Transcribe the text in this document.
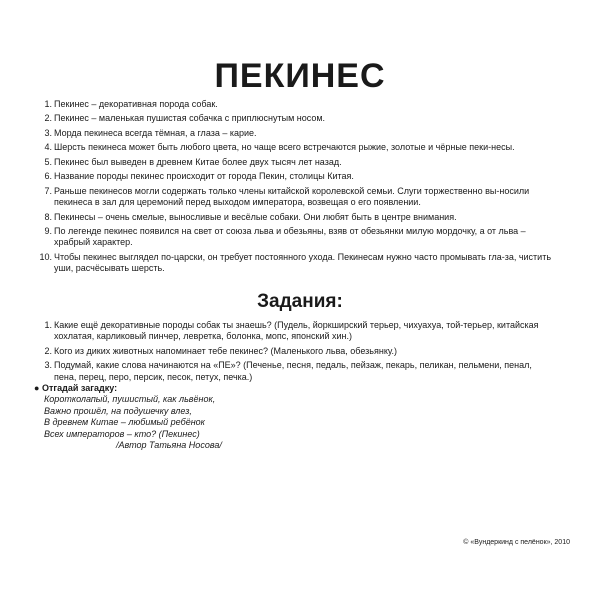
ПЕКИНЕС
1 . Пекинес – декоративная порода собак.
2 . Пекинес – маленькая пушистая собачка с приплюснутым носом.
3 . Морда пекинеса всегда тёмная, а глаза – карие.
4 . Шерсть пекинеса может быть любого цвета, но чаще всего встречаются рыжие, золотые и чёрные пеки-несы.
5 . Пекинес был выведен в древнем Китае более двух тысяч лет назад.
6 . Название породы пекинес происходит от города Пекин, столицы Китая.
7 . Раньше пекинесов могли содержать только члены китайской королевской семьи. Слуги торжественно вы-носили пекинеса в зал для церемоний перед выходом императора, возвещая о его появлении.
8 . Пекинесы – очень смелые, выносливые и весёлые собаки. Они любят быть в центре внимания.
9 . По легенде пекинес появился на свет от союза льва и обезьяны, взяв от обезьянки милую мордочку, а от льва – храбрый характер.
10 . Чтобы пекинес выглядел по-царски, он требует постоянного ухода. Пекинесам нужно часто промывать гла-за, чистить уши, расчёсывать шерсть.
Задания:
1 . Какие ещё декоративные породы собак ты знаешь? (Пудель, йоркширский терьер, чихуахуа, той-терьер, китайская хохлатая, карликовый пинчер, левретка, болонка, мопс, японский хин.)
2 . Кого из диких животных напоминает тебе пекинес? (Маленького льва, обезьянку.)
3 . Подумай, какие слова начинаются на «ПЕ»? (Печенье, песня, педаль, пейзаж, пекарь, пеликан, пельмени, пенал, пена, перец, перо, персик, песок, петух, печка.)
● Отгадай загадку:
Коротколапый, пушистый, как львёнок,
Важно прошёл, на подушечку влез,
В древнем Китае – любимый ребёнок
Всех императоров – кто? (Пекинес)
/Автор Татьяна Носова/
© «Вундеркинд с пелёнок», 2010
